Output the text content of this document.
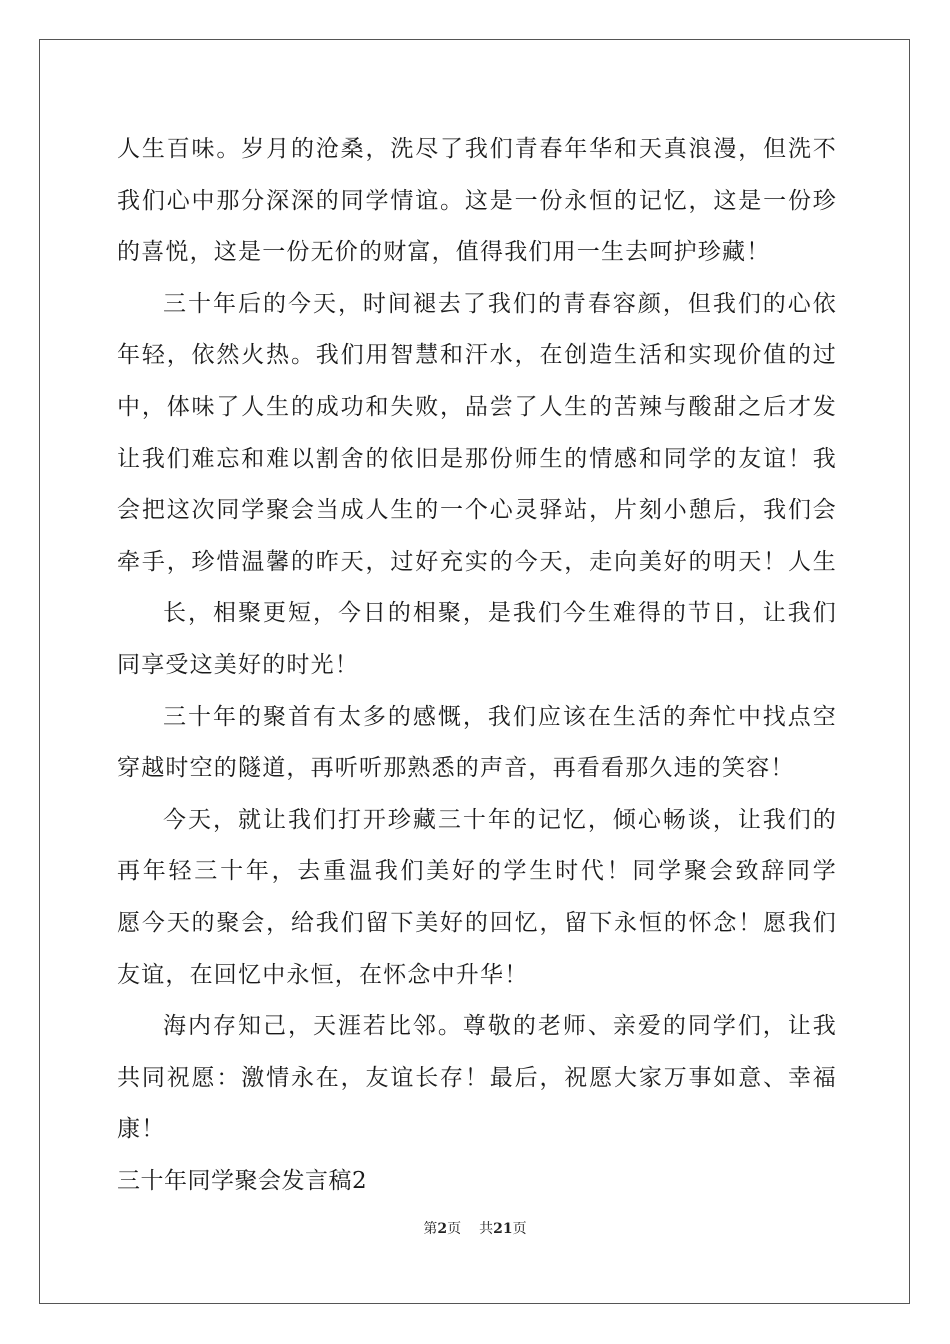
人生百味。岁月的沧桑，洗尽了我们青春年华和天真浪漫，但洗不
我们心中那分深深的同学情谊。这是一份永恒的记忆，这是一份珍
的喜悦，这是一份无价的财富，值得我们用一生去呵护珍藏！
三十年后的今天，时间褪去了我们的青春容颜，但我们的心依
年轻，依然火热。我们用智慧和汗水，在创造生活和实现价值的过
中，体味了人生的成功和失败，品尝了人生的苦辣与酸甜之后才发
让我们难忘和难以割舍的依旧是那份师生的情感和同学的友谊！我
会把这次同学聚会当成人生的一个心灵驿站，片刻小憩后，我们会
牵手，珍惜温馨的昨天，过好充实的今天，走向美好的明天！人生
长，相聚更短，今日的相聚，是我们今生难得的节日，让我们
同享受这美好的时光！
三十年的聚首有太多的感慨，我们应该在生活的奔忙中找点空
穿越时空的隧道，再听听那熟悉的声音，再看看那久违的笑容！
今天，就让我们打开珍藏三十年的记忆，倾心畅谈，让我们的
再年轻三十年，去重温我们美好的学生时代！同学聚会致辞同学
愿今天的聚会，给我们留下美好的回忆，留下永恒的怀念！愿我们
友谊，在回忆中永恒，在怀念中升华！
海内存知己，天涯若比邻。尊敬的老师、亲爱的同学们，让我
共同祝愿：激情永在，友谊长存！最后，祝愿大家万事如意、幸福
康！
三十年同学聚会发言稿2
第2页 共21页
